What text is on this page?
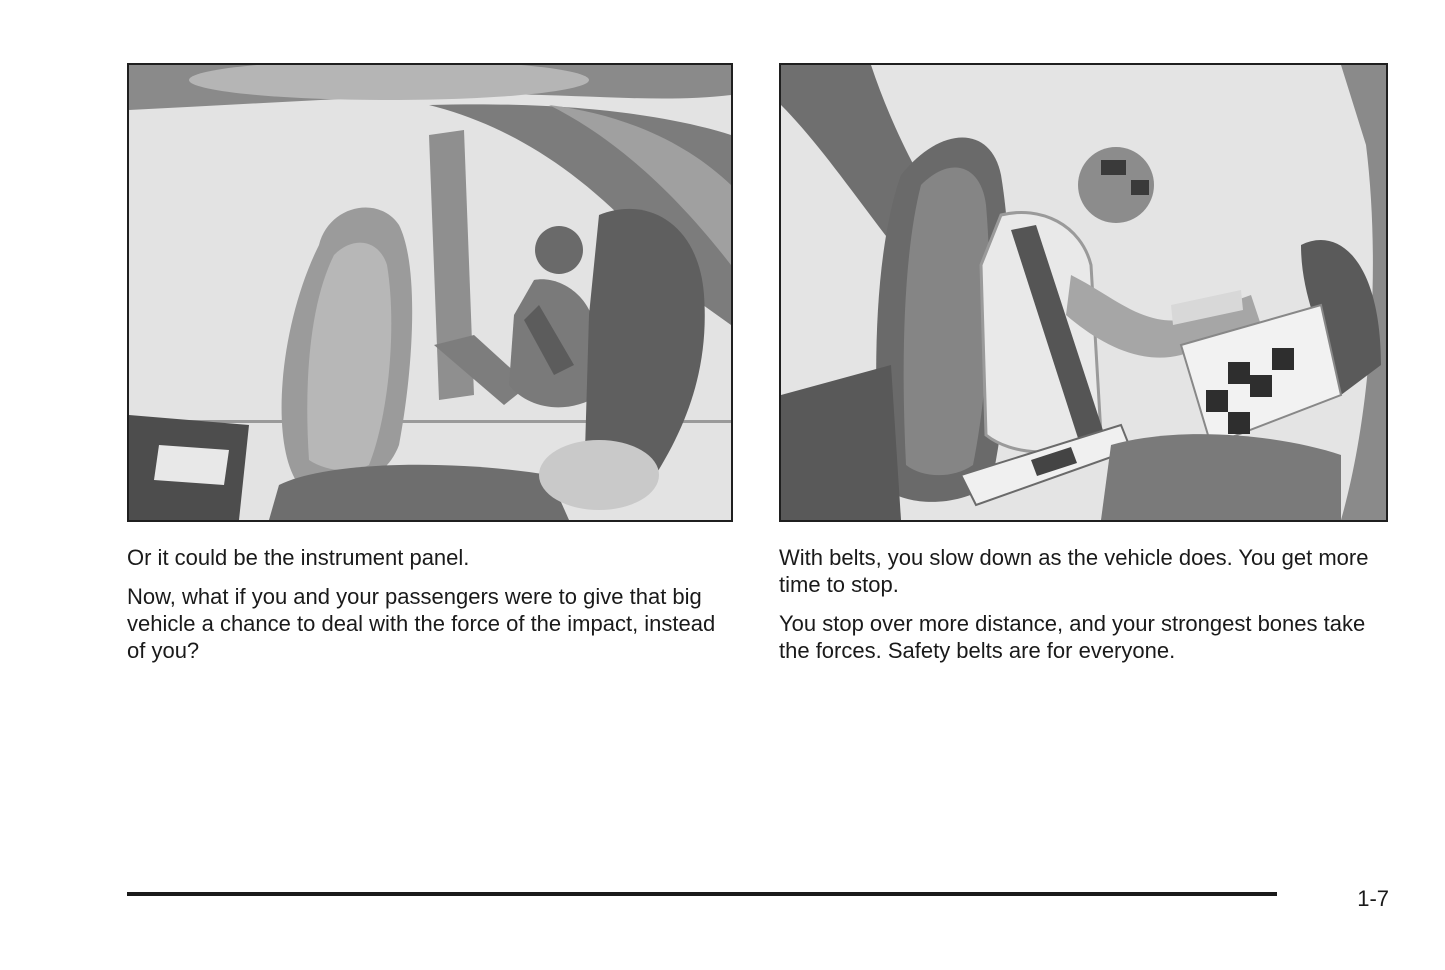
Or it could be the instrument panel.

Now, what if you and your passengers were to give that big vehicle a chance to deal with the force of the impact, instead of you?

With belts, you slow down as the vehicle does. You get more time to stop.

You stop over more distance, and your strongest bones take the forces. Safety belts are for everyone.

1-7
